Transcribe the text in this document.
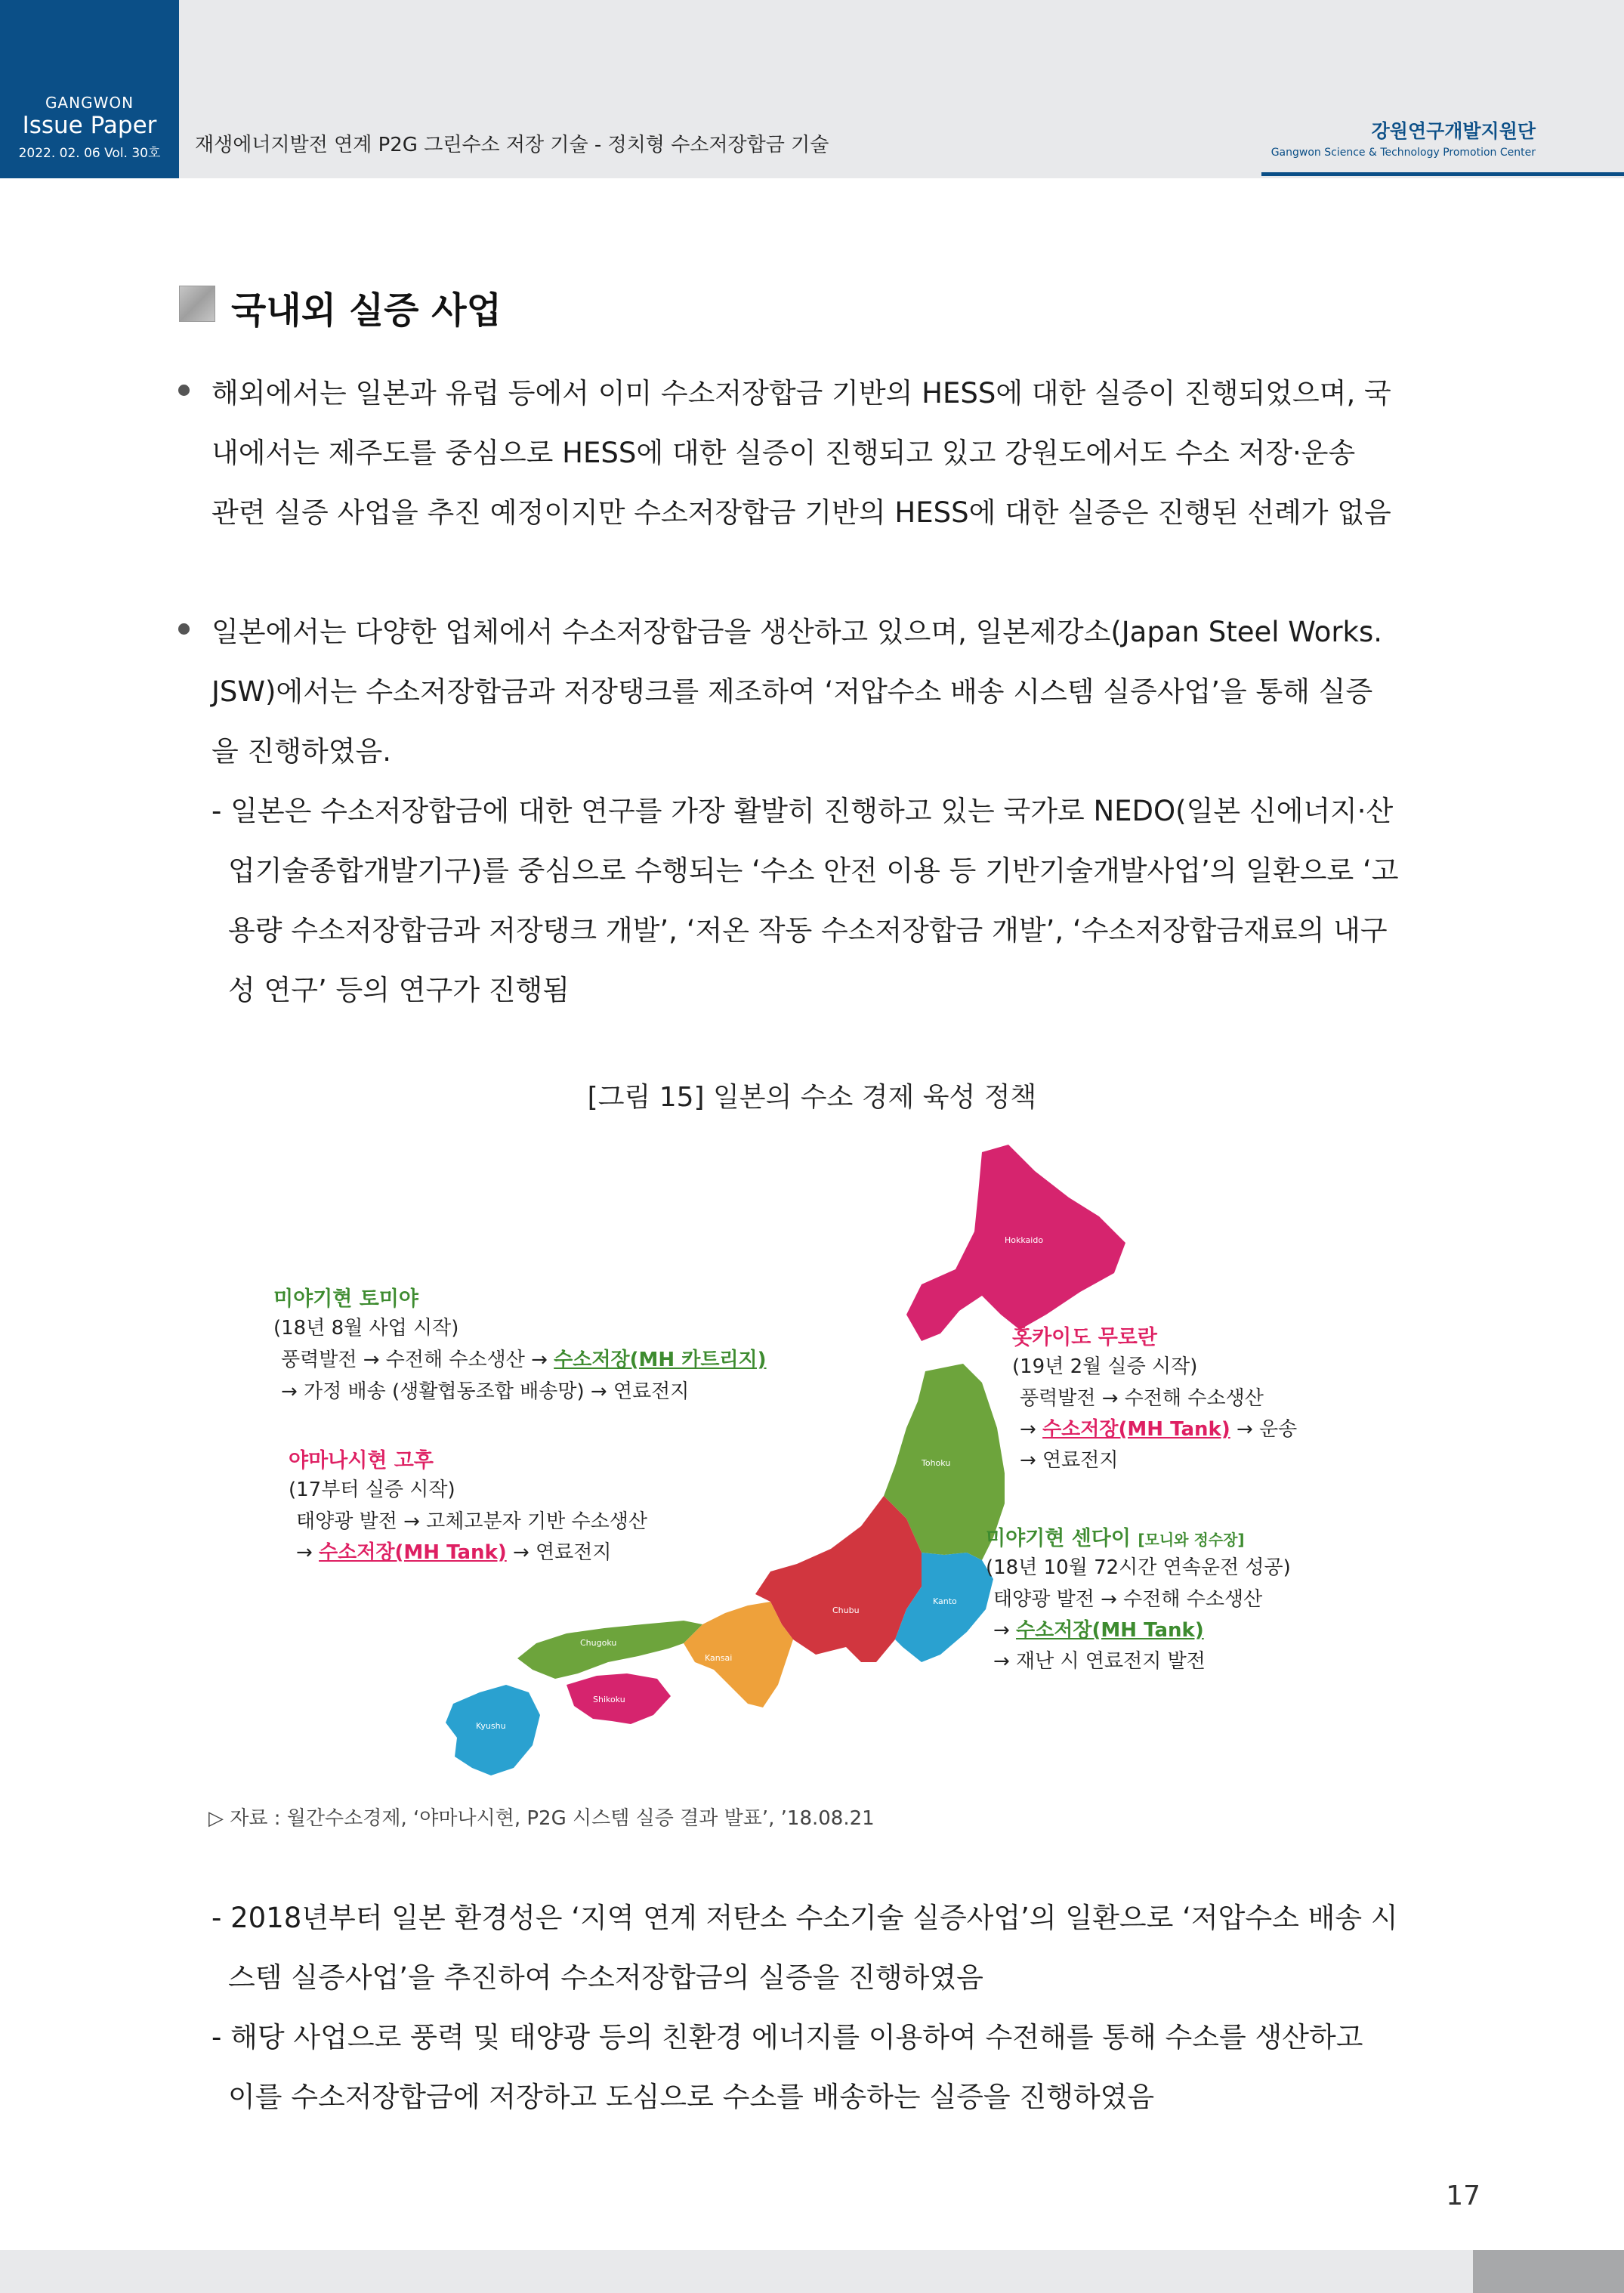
GANGWON
Issue Paper
2022. 02. 06 Vol. 30호	재생에너지발전 연계 P2G 그린수소 저장 기술 - 정치형 수소저장합금 기술
강원연구개발지원단
Gangwon Science & Technology Promotion Center
국내외 실증 사업
해외에서는 일본과 유럽 등에서 이미 수소저장합금 기반의 HESS에 대한 실증이 진행되었으며, 국
내에서는 제주도를 중심으로 HESS에 대한 실증이 진행되고 있고 강원도에서도 수소 저장·운송
관련 실증 사업을 추진 예정이지만 수소저장합금 기반의 HESS에 대한 실증은 진행된 선례가 없음
일본에서는 다양한 업체에서 수소저장합금을 생산하고 있으며, 일본제강소(Japan Steel Works.
JSW)에서는 수소저장합금과 저장탱크를 제조하여 ‘저압수소 배송 시스템 실증사업’을 통해 실증
을 진행하였음.
- 일본은 수소저장합금에 대한 연구를 가장 활발히 진행하고 있는 국가로 NEDO(일본 신에너지·산
업기술종합개발기구)를 중심으로 수행되는 ‘수소 안전 이용 등 기반기술개발사업’의 일환으로 ‘고
용량 수소저장합금과 저장탱크 개발’, ‘저온 작동 수소저장합금 개발’, ‘수소저장합금재료의 내구
성 연구’ 등의 연구가 진행됨
[그림 15] 일본의 수소 경제 육성 정책
Hokkaido
Tohoku
Kanto
Chubu
Kansai
Chugoku
Shikoku
Kyushu
미야기현 토미야
(18년 8월 사업 시작)
풍력발전 → 수전해 수소생산 → 수소저장(MH 카트리지)
→ 가정 배송 (생활협동조합 배송망) → 연료전지
야마나시현 고후
(17부터 실증 시작)
태양광 발전 → 고체고분자 기반 수소생산
→ 수소저장(MH Tank) → 연료전지
홋카이도 무로란
(19년 2월 실증 시작)
풍력발전 → 수전해 수소생산
→ 수소저장(MH Tank) → 운송
→ 연료전지
미야기현 센다이 [모니와 정수장]
(18년 10월 72시간 연속운전 성공)
태양광 발전 → 수전해 수소생산
→ 수소저장(MH Tank)
→ 재난 시 연료전지 발전
▷ 자료 : 월간수소경제, ‘야마나시현, P2G 시스템 실증 결과 발표’, ’18.08.21
- 2018년부터 일본 환경성은 ‘지역 연계 저탄소 수소기술 실증사업’의 일환으로 ‘저압수소 배송 시
스템 실증사업’을 추진하여 수소저장합금의 실증을 진행하였음
- 해당 사업으로 풍력 및 태양광 등의 친환경 에너지를 이용하여 수전해를 통해 수소를 생산하고
이를 수소저장합금에 저장하고 도심으로 수소를 배송하는 실증을 진행하였음
17
